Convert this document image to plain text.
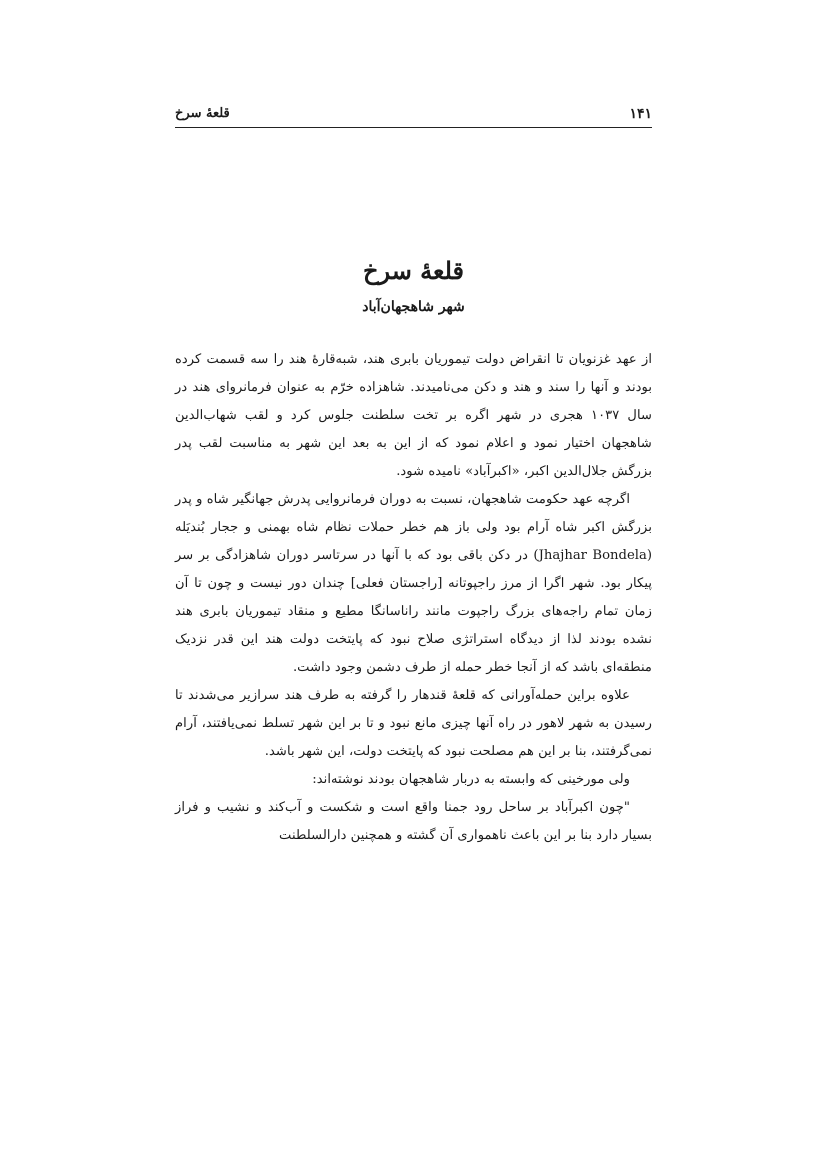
۱۴۱
قلعهٔ سرخ
قلعهٔ سرخ
شهر شاهجهان‌آباد

از عهد غزنویان تا انقراض دولت تیموریان بابری هند، شبه‌قارهٔ هند را سه قسمت کرده بودند و آنها را سند و هند و دکن می‌نامیدند. شاهزاده خرّم به عنوان فرمانروای هند در سال ۱۰۳۷ هجری در شهر اگره بر تخت سلطنت جلوس کرد و لقب شهاب‌الدین شاهجهان اختیار نمود و اعلام نمود که از این به بعد این شهر به مناسبت لقب پدر بزرگش جلال‌الدین اکبر، «اکبرآباد» نامیده شود.

اگرچه عهد حکومت شاهجهان، نسبت به دوران فرمانروایی پدرش جهانگیر شاه و پدر بزرگش اکبر شاه آرام بود ولی باز هم خطر حملات نظام شاه بهمنی و ججار بُندیَله (Jhajhar Bondela) در دکن باقی بود که با آنها در سرتاسر دوران شاهزادگی بر سر پیکار بود. شهر اگرا از مرز راجپوتانه [راجستان فعلی] چندان دور نیست و چون تا آن زمان تمام راجه‌های بزرگ راجپوت مانند راناسانگا مطیع و منقاد تیموریان بابری هند نشده بودند لذا از دیدگاه استراتژی صلاح نبود که پایتخت دولت هند این قدر نزدیک منطقه‌ای باشد که از آنجا خطر حمله از طرف دشمن وجود داشت.

علاوه براین حمله‌آورانی که قلعهٔ قندهار را گرفته به طرف هند سرازیر می‌شدند تا رسیدن به شهر لاهور در راه آنها چیزی مانع نبود و تا بر این شهر تسلط نمی‌یافتند، آرام نمی‌گرفتند، بنا بر این هم مصلحت نبود که پایتخت دولت، این شهر باشد.

ولی مورخینی که وابسته به دربار شاهجهان بودند نوشته‌اند:

"چون اکبرآباد بر ساحل رود جمنا واقع است و شکست و آب‌کند و نشیب و فراز بسیار دارد بنا بر این باعث ناهمواری آن گشته و همچنین دارالسلطنت
